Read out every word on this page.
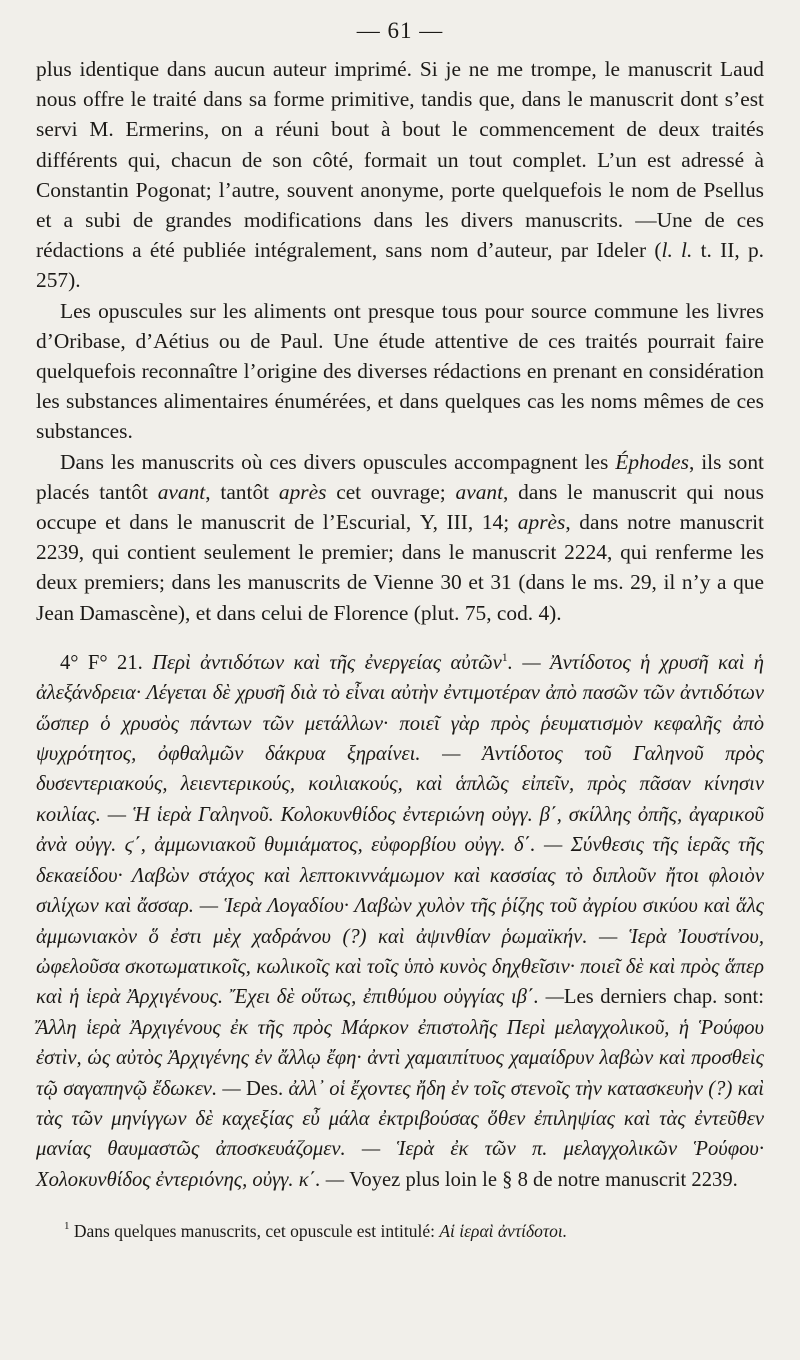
— 61 —

plus identique dans aucun auteur imprimé. Si je ne me trompe, le manuscrit Laud nous offre le traité dans sa forme primitive, tandis que, dans le manuscrit dont s’est servi M. Ermerins, on a réuni bout à bout le commencement de deux traités différents qui, chacun de son côté, formait un tout complet. L’un est adressé à Constantin Pogonat; l’autre, souvent anonyme, porte quelquefois le nom de Psellus et a subi de grandes modifications dans les divers manuscrits. —Une de ces rédactions a été publiée intégralement, sans nom d’auteur, par Ideler (l. l. t. II, p. 257).

Les opuscules sur les aliments ont presque tous pour source commune les livres d’Oribase, d’Aétius ou de Paul. Une étude attentive de ces traités pourrait faire quelquefois reconnaître l’origine des diverses rédactions en prenant en considération les substances alimentaires énumérées, et dans quelques cas les noms mêmes de ces substances.

Dans les manuscrits où ces divers opuscules accompagnent les Éphodes, ils sont placés tantôt avant, tantôt après cet ouvrage; avant, dans le manuscrit qui nous occupe et dans le manuscrit de l’Escurial, Υ, III, 14; après, dans notre manuscrit 2239, qui contient seulement le premier; dans le manuscrit 2224, qui renferme les deux premiers; dans les manuscrits de Vienne 30 et 31 (dans le ms. 29, il n’y a que Jean Damascène), et dans celui de Florence (plut. 75, cod. 4).

4° F° 21. Περὶ ἀντιδότων καὶ τῆς ἐνεργείας αὐτῶν$^1$. — Ἀντίδοτος ἡ χρυσῆ καὶ ἡ ἀλεξάνδρεια· Λέγεται δὲ χρυσῆ διὰ τὸ εἶναι αὐτὴν ἐντιμοτέραν ἀπὸ πασῶν τῶν ἀντιδότων ὥσπερ ὁ χρυσὸς πάντων τῶν μετάλλων· ποιεῖ γὰρ πρὸς ῥευματισμὸν κεφαλῆς ἀπὸ ψυχρότητος, ὀφθαλμῶν δάκρυα ξηραίνει. — Ἀντίδοτος τοῦ Γαληνοῦ πρὸς δυσεντεριακούς, λειεντερικούς, κοιλιακούς, καὶ ἁπλῶς εἰπεῖν, πρὸς πᾶσαν κίνησιν κοιλίας. — Ἡ ἱερὰ Γαληνοῦ. Κολοκυνθίδος ἐντεριώνη οὐγγ. β΄, σκίλλης ὀπῆς, ἀγαρικοῦ ἀνὰ οὐγγ. ϛ΄, ἀμμωνιακοῦ θυμιάματος, εὐφορβίου οὐγγ. δ΄. — Σύνθεσις τῆς ἱερᾶς τῆς δεκαείδου· Λαβὼν στάχος καὶ λεπτοκιννάμωμον καὶ κασσίας τὸ διπλοῦν ἤτοι φλοιὸν σιλίχων καὶ ἄσσαρ. — Ἱερὰ Λογαδίου· Λαβὼν χυλὸν τῆς ῥίζης τοῦ ἀγρίου σικύου καὶ ἅλς ἀμμωνιακὸν ὅ ἐστι μὲχ χαδράνου (?) καὶ ἀψινθίαν ῥωμαϊκήν. — Ἱερὰ Ἰουστίνου, ὠφελοῦσα σκοτωματικοῖς, κωλικοῖς καὶ τοῖς ὑπὸ κυνὸς δηχθεῖσιν· ποιεῖ δὲ καὶ πρὸς ἅπερ καὶ ἡ ἱερὰ Ἀρχιγένους. Ἔχει δὲ οὕτως, ἐπιθύμου οὐγγίας ιβ΄. —Les derniers chap. sont: Ἄλλη ἱερὰ Ἀρχιγένους ἐκ τῆς πρὸς Μάρκον ἐπιστολῆς Περὶ μελαγχολικοῦ, ἡ Ῥούφου ἐστὶν, ὡς αὐτὸς Ἀρχιγένης ἐν ἄλλῳ ἔφη· ἀντὶ χαμαιπίτυος χαμαίδρυν λαβὼν καὶ προσθεὶς τῷ σαγαπηνῷ ἔδωκεν. — Des. ἀλλ᾽ οἱ ἔχοντες ἤδη ἐν τοῖς στενοῖς τὴν κατασκευὴν (?) καὶ τὰς τῶν μηνίγγων δὲ καχεξίας εὖ μάλα ἐκτριβούσας ὅθεν ἐπιληψίας καὶ τὰς ἐντεῦθεν μανίας θαυμαστῶς ἀποσκευάζομεν. — Ἱερὰ ἐκ τῶν π. μελαγχολικῶν Ῥούφου· Χολοκυνθίδος ἐντεριόνης, οὐγγ. κ΄. — Voyez plus loin le § 8 de notre manuscrit 2239.

$^1$ Dans quelques manuscrits, cet opuscule est intitulé: Αἱ ἱεραὶ ἀντίδοτοι.
